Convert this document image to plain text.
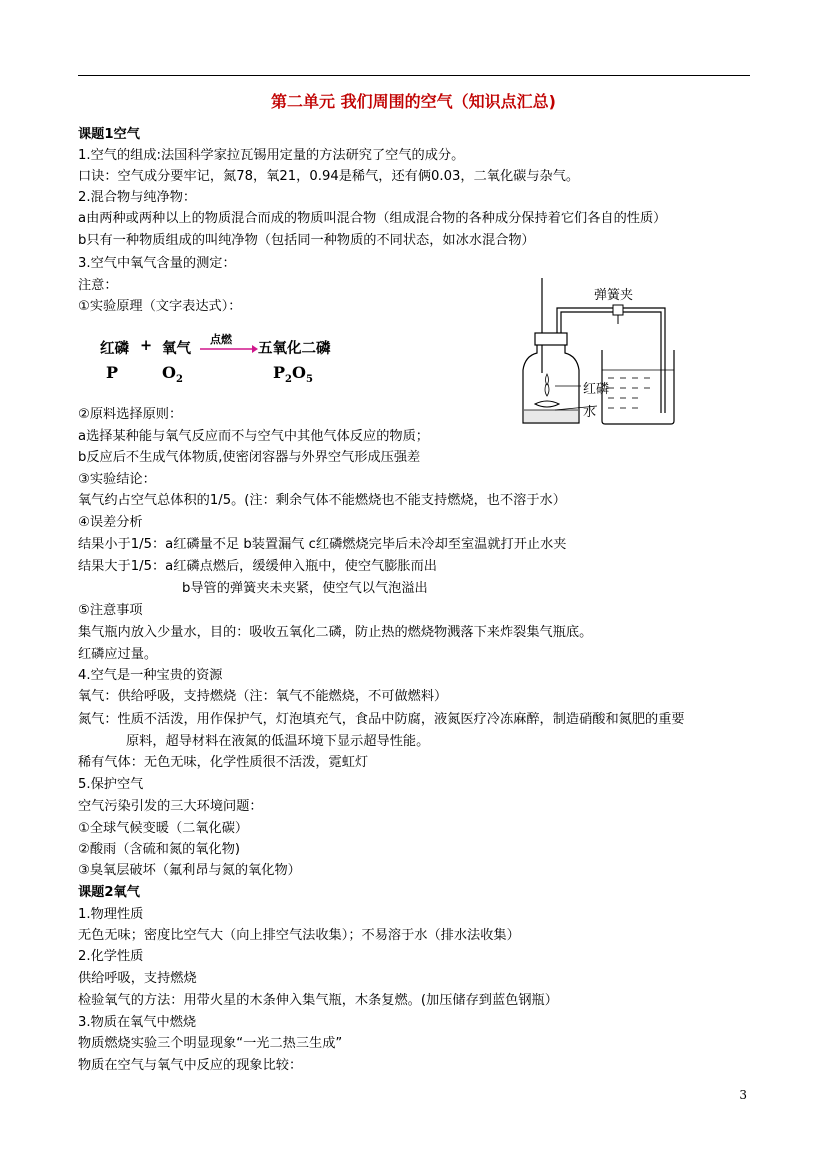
第二单元 我们周围的空气（知识点汇总)
课题1空气
1.空气的组成:法国科学家拉瓦锡用定量的方法研究了空气的成分。
口诀：空气成分要牢记，氮78，氧21，0.94是稀气，还有俩0.03，二氧化碳与杂气。
2.混合物与纯净物：
a由两种或两种以上的物质混合而成的物质叫混合物（组成混合物的各种成分保持着它们各自的性质）
b只有一种物质组成的叫纯净物（包括同一种物质的不同状态，如冰水混合物）
3.空气中氧气含量的测定：
注意：
①实验原理（文字表达式）：
红磷 + 氧气
点燃
→ 五氧化二磷
P	$O_2$	$P_2O_5$
弹簧夹
红磷
水
②原料选择原则：
a选择某种能与氧气反应而不与空气中其他气体反应的物质；
b反应后不生成气体物质,使密闭容器与外界空气形成压强差
③实验结论：
氧气约占空气总体积的1/5。(注：剩余气体不能燃烧也不能支持燃烧，也不溶于水）
④误差分析
结果小于1/5：a红磷量不足 b装置漏气 c红磷燃烧完毕后未冷却至室温就打开止水夹
结果大于1/5：a红磷点燃后，缓缓伸入瓶中，使空气膨胀而出
b导管的弹簧夹未夹紧，使空气以气泡溢出
⑤注意事项
集气瓶内放入少量水，目的：吸收五氧化二磷，防止热的燃烧物溅落下来炸裂集气瓶底。
红磷应过量。
4.空气是一种宝贵的资源
氧气：供给呼吸，支持燃烧（注：氧气不能燃烧，不可做燃料）
氮气：性质不活泼，用作保护气，灯泡填充气，食品中防腐，液氮医疗冷冻麻醉，制造硝酸和氮肥的重要
原料，超导材料在液氮的低温环境下显示超导性能。
稀有气体：无色无味，化学性质很不活泼，霓虹灯
5.保护空气
空气污染引发的三大环境问题：
①全球气候变暖（二氧化碳）
②酸雨（含硫和氮的氧化物)
③臭氧层破坏（氟利昂与氮的氧化物）
课题2氧气
1.物理性质
无色无味；密度比空气大（向上排空气法收集）；不易溶于水（排水法收集）
2.化学性质
供给呼吸，支持燃烧
检验氧气的方法：用带火星的木条伸入集气瓶，木条复燃。(加压储存到蓝色钢瓶）
3.物质在氧气中燃烧
物质燃烧实验三个明显现象“一光二热三生成”
物质在空气与氧气中反应的现象比较：
3
